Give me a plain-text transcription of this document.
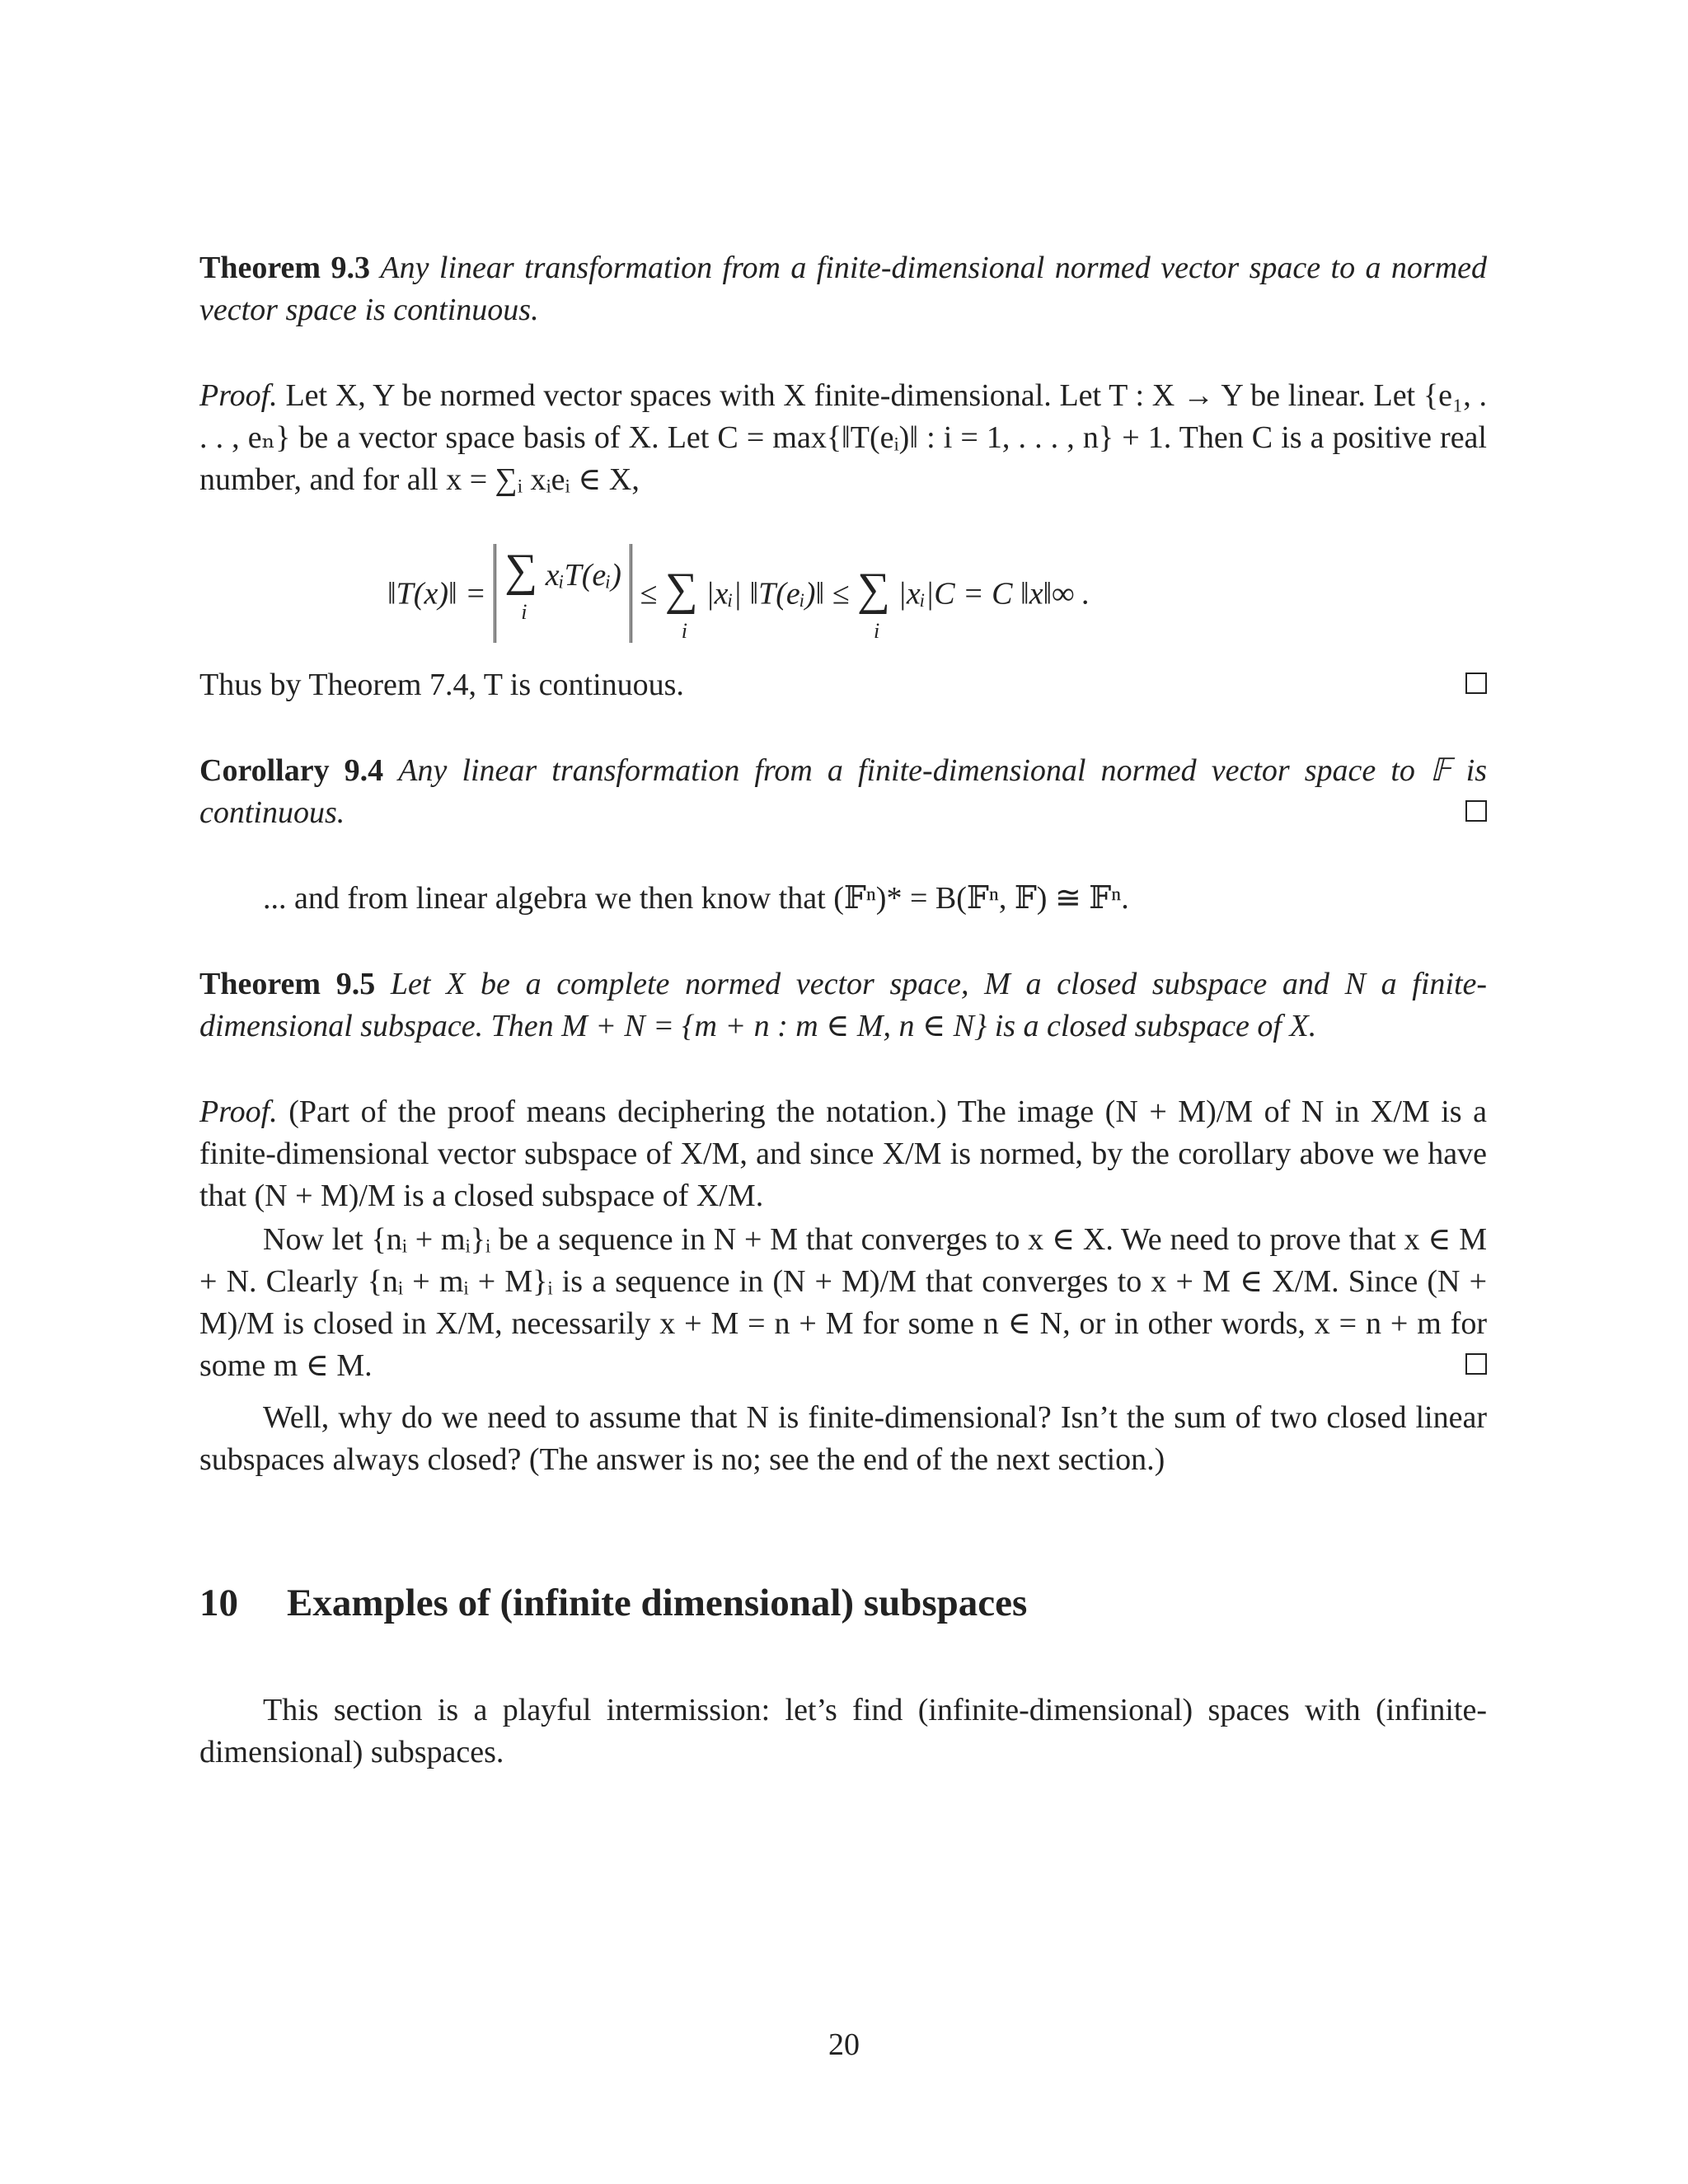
Theorem 9.3 Any linear transformation from a finite-dimensional normed vector space to a normed vector space is continuous.

Proof. Let X, Y be normed vector spaces with X finite-dimensional. Let T : X → Y be linear. Let {e₁, . . . , eₙ} be a vector space basis of X. Let C = max{‖T(eᵢ)‖ : i = 1, . . . , n} + 1. Then C is a positive real number, and for all x = ∑ᵢ xᵢeᵢ ∈ X,

‖T(x)‖ = ∑
i
xᵢT(eᵢ) ≤ ∑
i
|xᵢ| ‖T(eᵢ)‖ ≤ ∑
i
|xᵢ|C = C ‖x‖∞ .

Thus by Theorem 7.4, T is continuous.

Corollary 9.4 Any linear transformation from a finite-dimensional normed vector space to 𝔽 is continuous.

... and from linear algebra we then know that (𝔽ⁿ)* = B(𝔽ⁿ, 𝔽) ≅ 𝔽ⁿ.

Theorem 9.5 Let X be a complete normed vector space, M a closed subspace and N a finite-dimensional subspace. Then M + N = {m + n : m ∈ M, n ∈ N} is a closed subspace of X.

Proof. (Part of the proof means deciphering the notation.) The image (N + M)/M of N in X/M is a finite-dimensional vector subspace of X/M, and since X/M is normed, by the corollary above we have that (N + M)/M is a closed subspace of X/M.

Now let {nᵢ + mᵢ}ᵢ be a sequence in N + M that converges to x ∈ X. We need to prove that x ∈ M + N. Clearly {nᵢ + mᵢ + M}ᵢ is a sequence in (N + M)/M that converges to x + M ∈ X/M. Since (N + M)/M is closed in X/M, necessarily x + M = n + M for some n ∈ N, or in other words, x = n + m for some m ∈ M.

Well, why do we need to assume that N is finite-dimensional? Isn’t the sum of two closed linear subspaces always closed? (The answer is no; see the end of the next section.)

10 Examples of (infinite dimensional) subspaces

This section is a playful intermission: let’s find (infinite-dimensional) spaces with (infinite-dimensional) subspaces.

20
